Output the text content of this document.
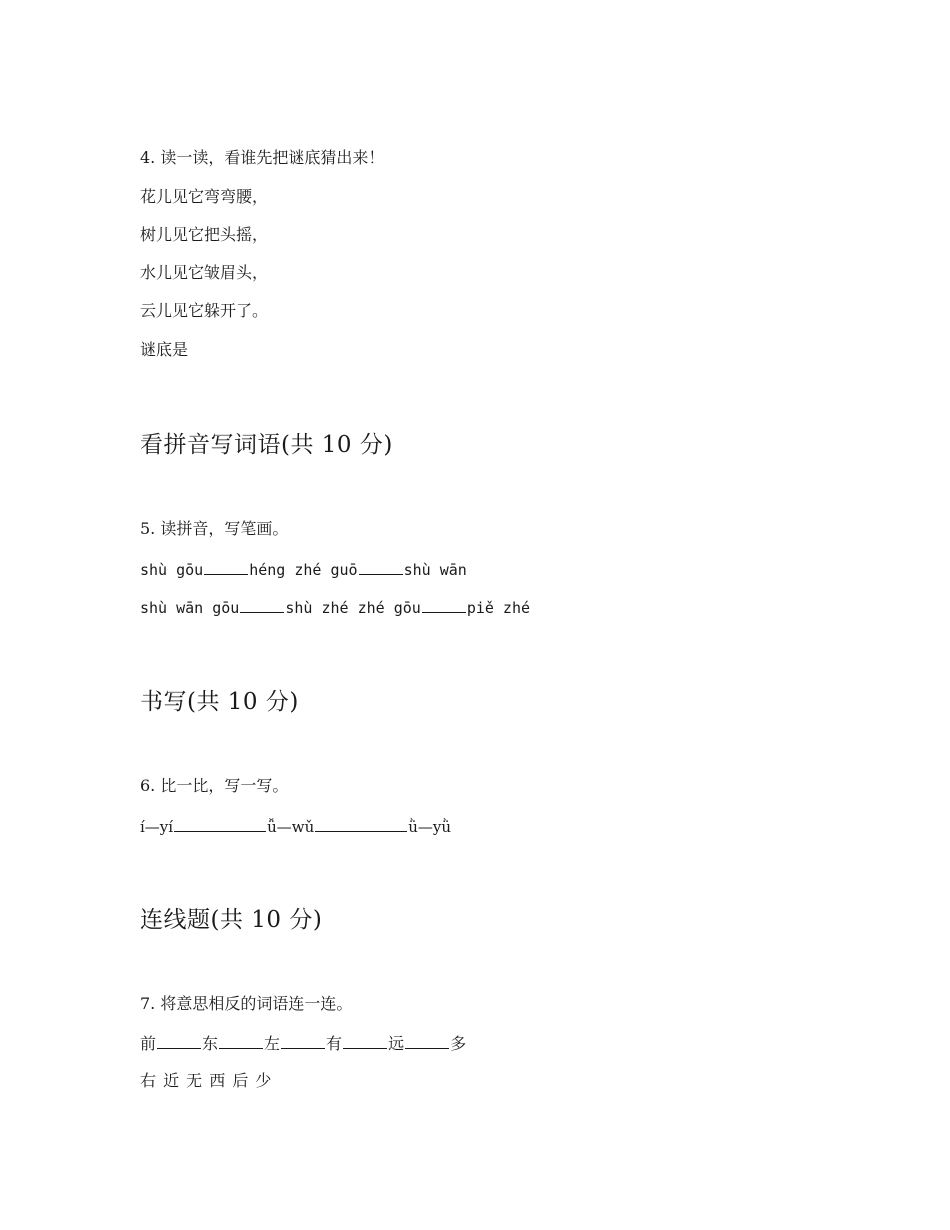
4. 读一读，看谁先把谜底猜出来！
花儿见它弯弯腰，
树儿见它把头摇，
水儿见它皱眉头，
云儿见它躲开了。
谜底是
看拼音写词语(共 10 分)
5. 读拼音，写笔画。
shù gōu	héng zhé guō	shù wān
shù wān gōu	shù zhé zhé gōu	piě zhé
书写(共 10 分)
6. 比一比，写一写。
í—yí	ǚ—wǔ	ǜ—yǜ
连线题(共 10 分)
7. 将意思相反的词语连一连。
前	东	左	有	远	多
右 近 无 西 后 少
